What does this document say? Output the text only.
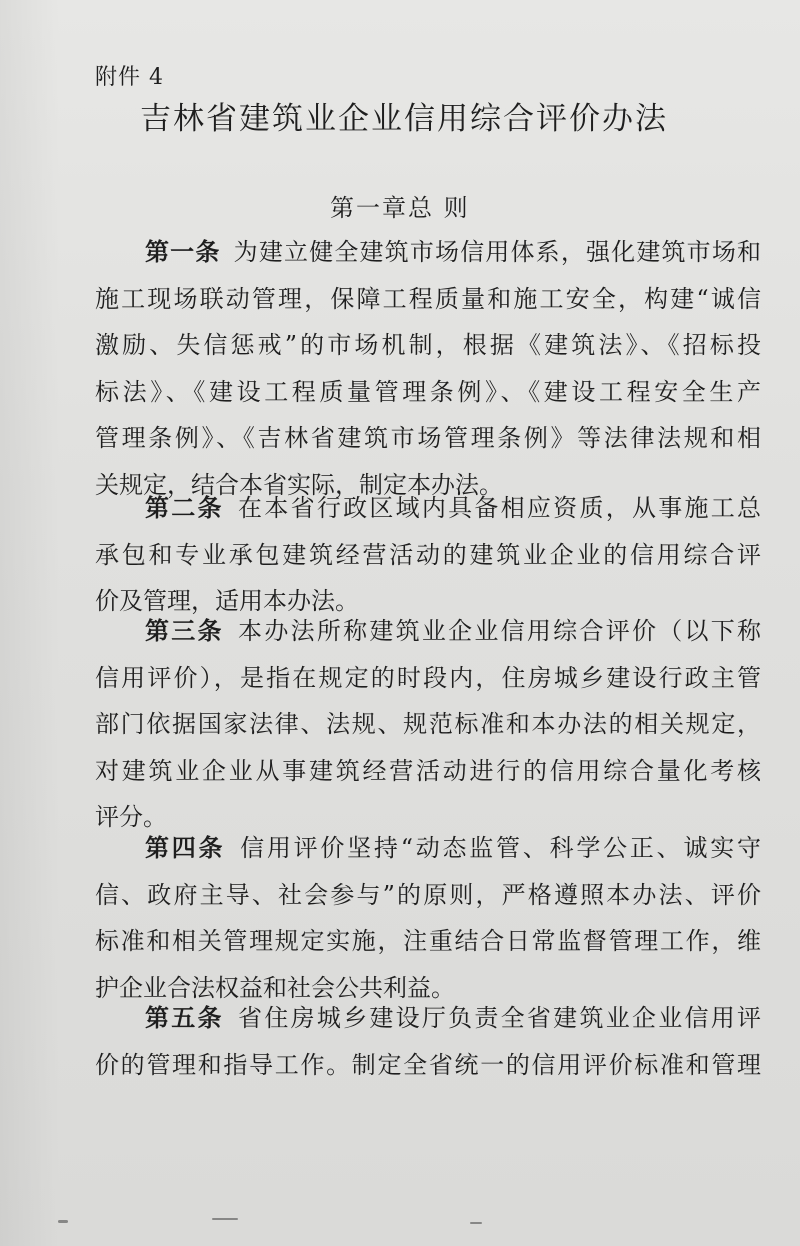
附件 4
吉林省建筑业企业信用综合评价办法
第一章总 则
第一条  为建立健全建筑市场信用体系，强化建筑市场和
施工现场联动管理，保障工程质量和施工安全，构建“诚信
激励、失信惩戒”的市场机制，根据《建筑法》、《招标投
标法》、《建设工程质量管理条例》、《建设工程安全生产
管理条例》、《吉林省建筑市场管理条例》等法律法规和相
关规定，结合本省实际，制定本办法。
第二条  在本省行政区域内具备相应资质，从事施工总
承包和专业承包建筑经营活动的建筑业企业的信用综合评
价及管理，适用本办法。
第三条  本办法所称建筑业企业信用综合评价（以下称
信用评价），是指在规定的时段内，住房城乡建设行政主管
部门依据国家法律、法规、规范标准和本办法的相关规定，
对建筑业企业从事建筑经营活动进行的信用综合量化考核
评分。
第四条  信用评价坚持“动态监管、科学公正、诚实守
信、政府主导、社会参与”的原则，严格遵照本办法、评价
标准和相关管理规定实施，注重结合日常监督管理工作，维
护企业合法权益和社会公共利益。
第五条  省住房城乡建设厅负责全省建筑业企业信用评
价的管理和指导工作。制定全省统一的信用评价标准和管理
